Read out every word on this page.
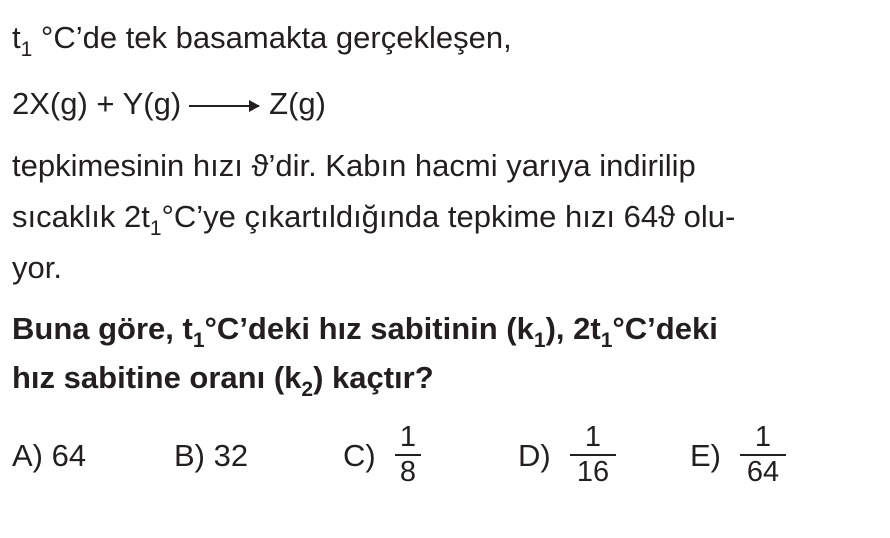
$t_1$ °C’de tek basamakta gerçekleşen,
2X(g) + Y(g) → Z(g)
tepkimesinin hızı ϑ’dir. Kabın hacmi yarıya indirilip
sıcaklık $2t_1^\circ C’ye$ çıkartıldığında tepkime hızı 64ϑ olu-
yor.
Buna göre, $t_1^\circ C’deki$ hız sabitinin $(k_1)$, $2t_1^\circ C’deki$
hız sabitine oranı $(k_2)$ kaçtır?
A) 64	B) 32	C)
1
8	D)
1
16	E)
1
64
